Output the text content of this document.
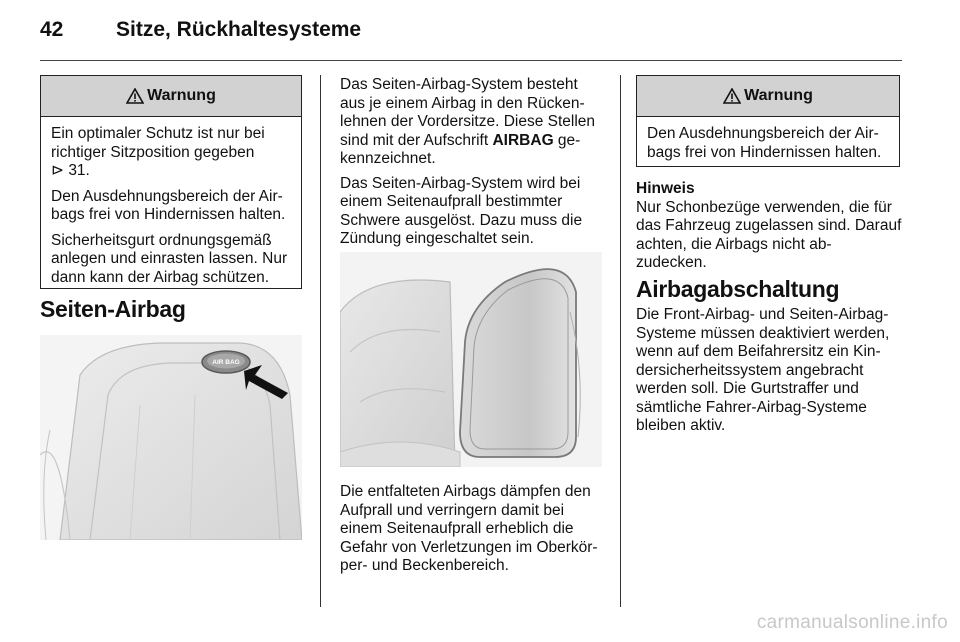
42	Sitze, Rückhaltesysteme
Warnung

Ein optimaler Schutz ist nur bei richtiger Sitzposition gegeben
⊳ 31.

Den Ausdehnungsbereich der Air- bags frei von Hindernissen halten.

Sicherheitsgurt ordnungsgemäß anlegen und einrasten lassen. Nur dann kann der Airbag schützen.

Seiten-Airbag
AIR BAG

Das Seiten-Airbag-System besteht aus je einem Airbag in den Rücken- lehnen der Vordersitze. Diese Stellen sind mit der Aufschrift AIRBAG ge- kennzeichnet.

Das Seiten-Airbag-System wird bei einem Seitenaufprall bestimmter Schwere ausgelöst. Dazu muss die Zündung eingeschaltet sein.

Die entfalteten Airbags dämpfen den Aufprall und verringern damit bei einem Seitenaufprall erheblich die Gefahr von Verletzungen im Oberkör- per- und Beckenbereich.

Warnung

Den Ausdehnungsbereich der Air- bags frei von Hindernissen halten.

Hinweis

Nur Schonbezüge verwenden, die für das Fahrzeug zugelassen sind. Darauf achten, die Airbags nicht ab- zudecken.

Airbagabschaltung

Die Front-Airbag- und Seiten-Airbag- Systeme müssen deaktiviert werden, wenn auf dem Beifahrersitz ein Kin- dersicherheitssystem angebracht werden soll. Die Gurtstraffer und sämtliche Fahrer-Airbag-Systeme bleiben aktiv.

carmanualsonline.info
